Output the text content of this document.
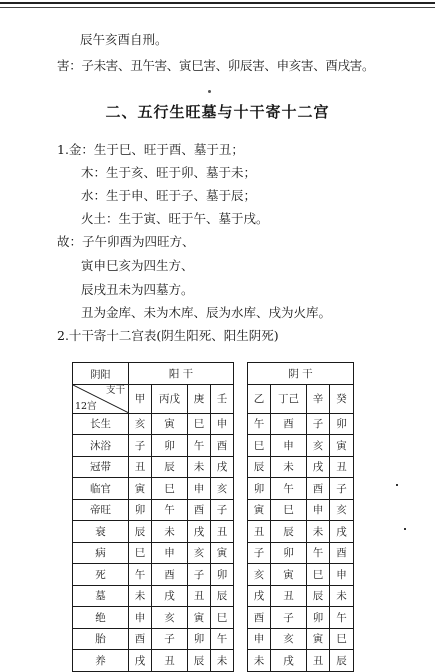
辰午亥酉自刑。
害：子未害、丑午害、寅巳害、卯辰害、申亥害、酉戌害。
二、五行生旺墓与十干寄十二宫
1.金：生于巳、旺于酉、墓于丑；
木：生于亥、旺于卯、墓于未；
水：生于申、旺于子、墓于辰；
火土：生于寅、旺于午、墓于戌。
故：子午卯酉为四旺方、
寅申巳亥为四生方、
辰戌丑未为四墓方。
丑为金库、未为木库、辰为水库、戌为火库。
2.十干寄十二宫表(阴生阳死、阳生阴死)
阴阳	阳 干					阴 干			

支干
12宫	甲	丙戊	庚	壬		乙	丁己	辛	癸
长生	亥	寅	巳	申		午	酉	子	卯
沐浴	子	卯	午	酉		巳	申	亥	寅
冠带	丑	辰	未	戌		辰	未	戌	丑
临官	寅	巳	申	亥		卯	午	酉	子
帝旺	卯	午	酉	子		寅	巳	申	亥
衰	辰	未	戌	丑		丑	辰	未	戌
病	巳	申	亥	寅		子	卯	午	酉
死	午	酉	子	卯		亥	寅	巳	申
墓	未	戌	丑	辰		戌	丑	辰	未
绝	申	亥	寅	巳		酉	子	卯	午
胎	酉	子	卯	午		申	亥	寅	巳
养	戌	丑	辰	未		未	戌	丑	辰
